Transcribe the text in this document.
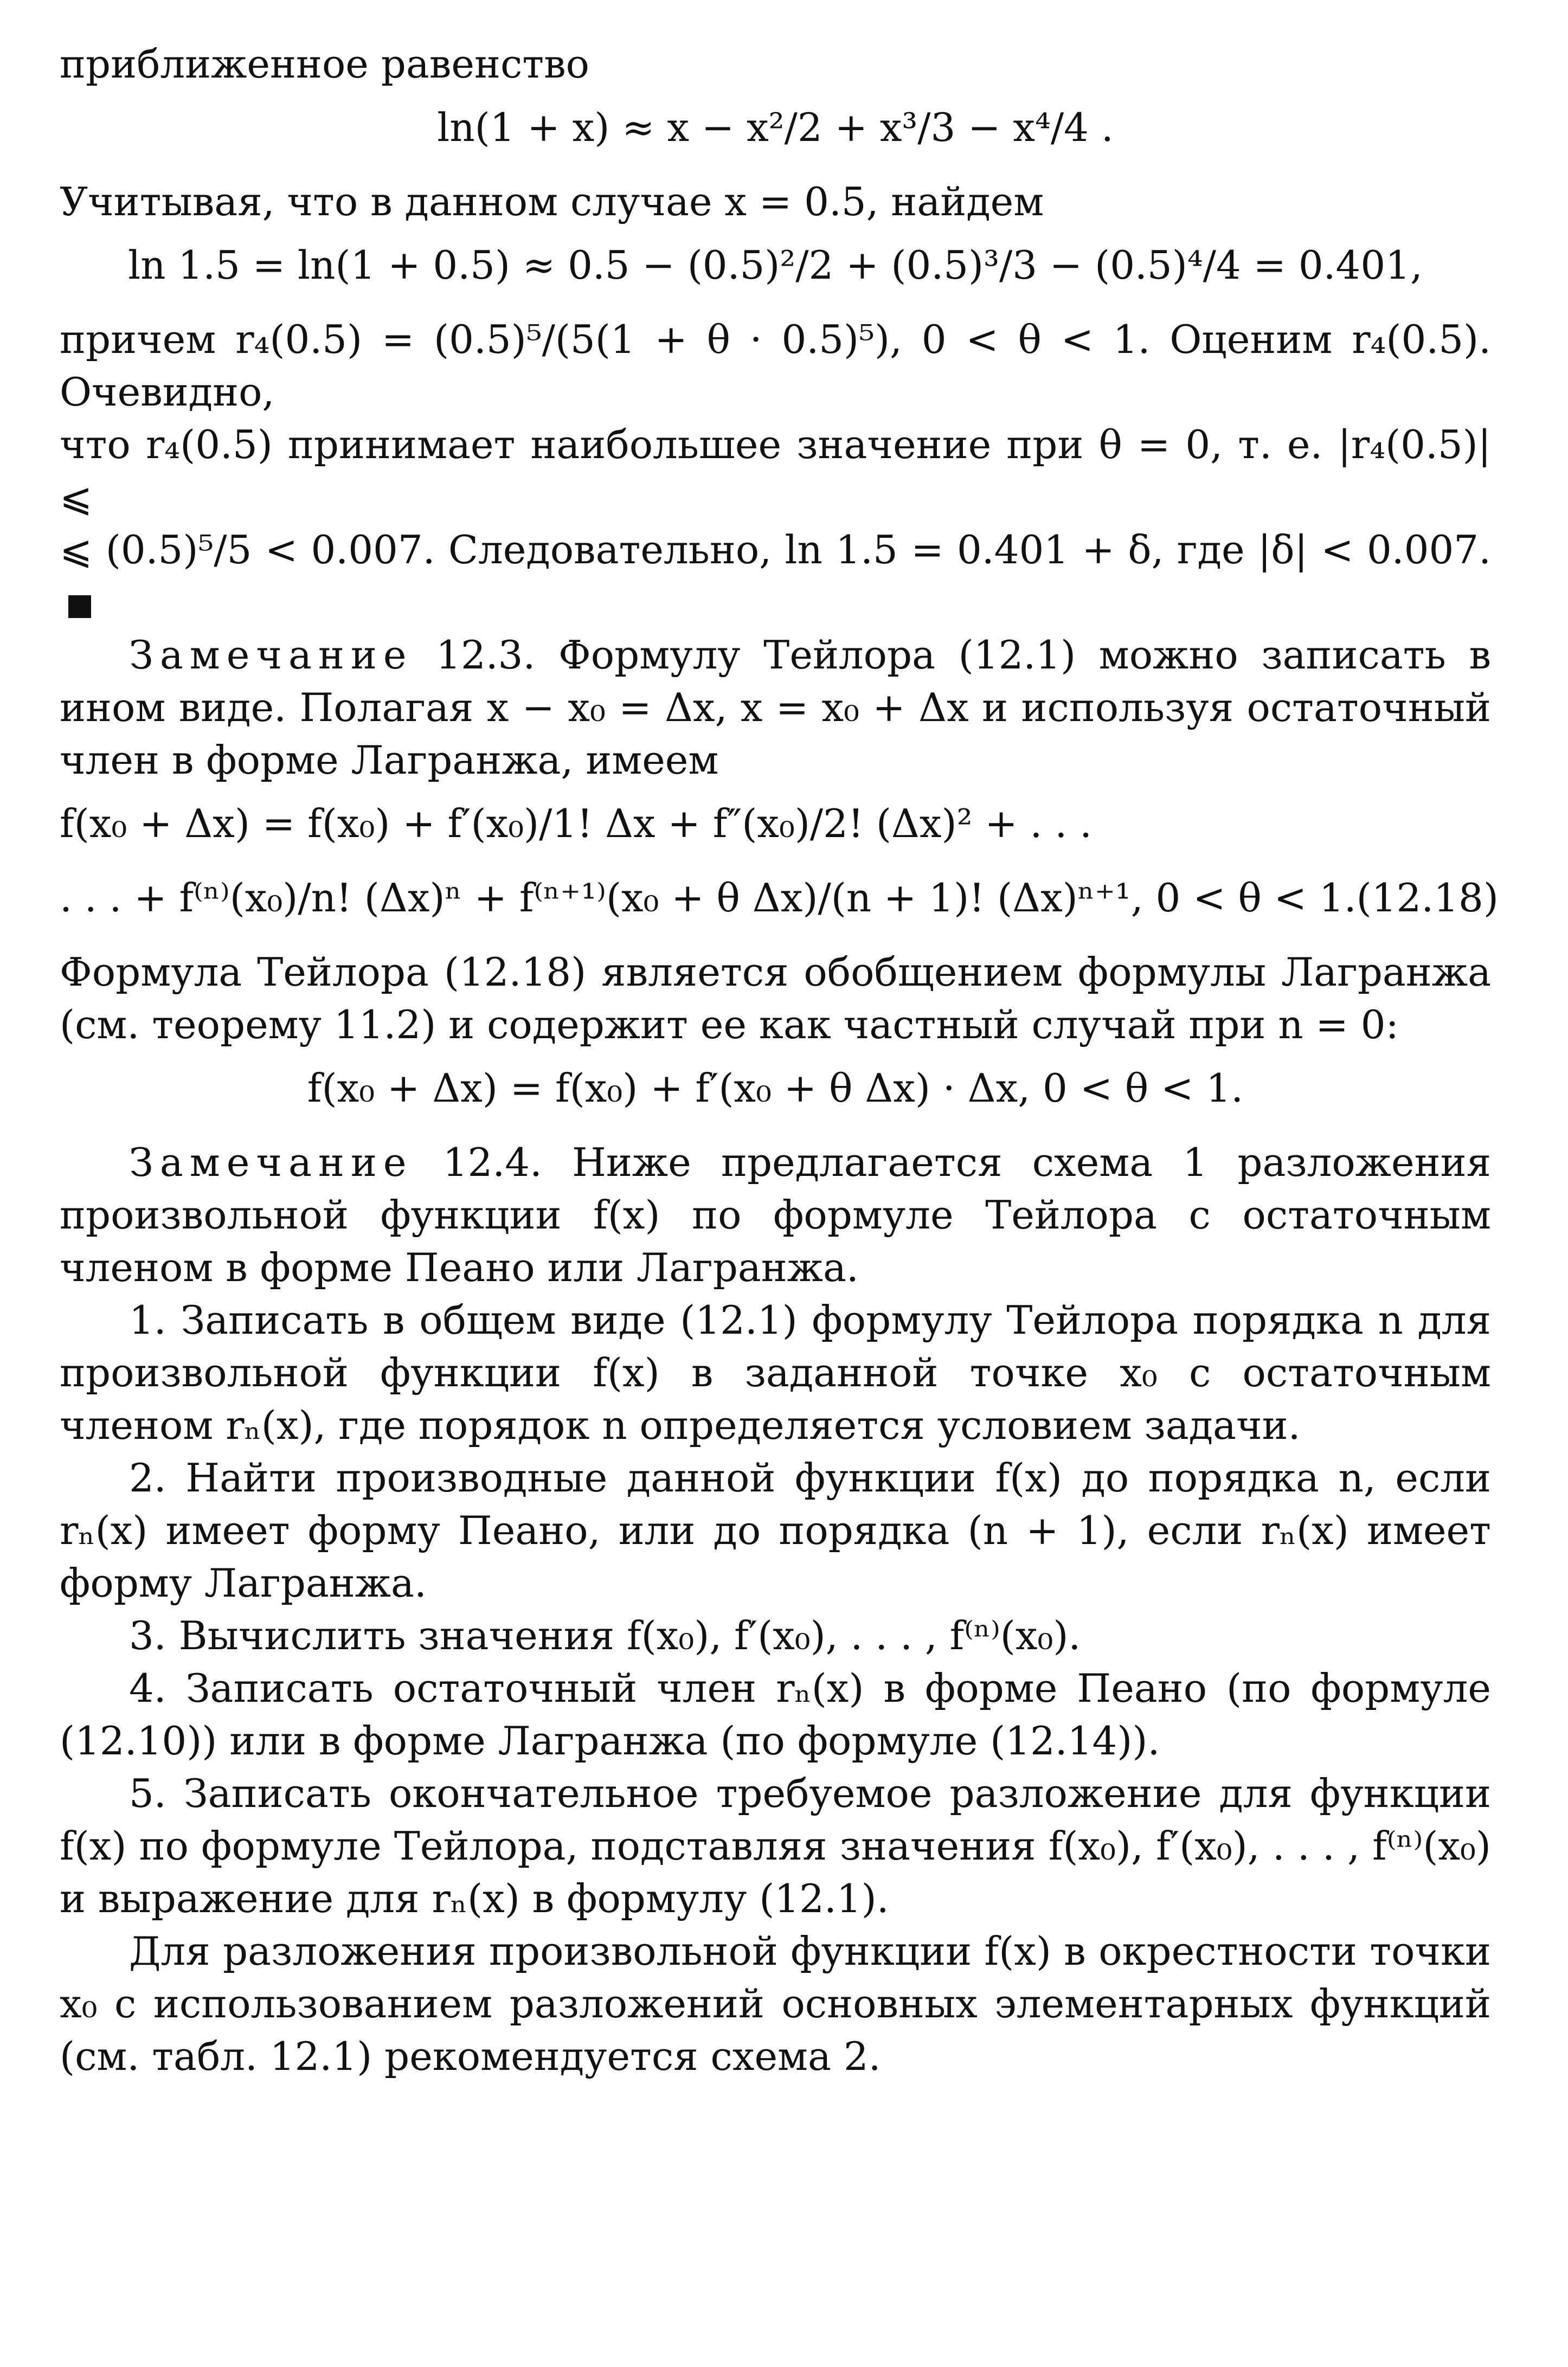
приближенное равенство

ln(1 + x) ≈ x − x²/2 + x³/3 − x⁴/4 .

Учитывая, что в данном случае x = 0.5, найдем

ln 1.5 = ln(1 + 0.5) ≈ 0.5 − (0.5)²/2 + (0.5)³/3 − (0.5)⁴/4 = 0.401,

причем r₄(0.5) = (0.5)⁵/(5(1 + θ · 0.5)⁵), 0 < θ < 1. Оценим r₄(0.5). Очевидно,

что r₄(0.5) принимает наибольшее значение при θ = 0, т. е. |r₄(0.5)| ⩽

⩽ (0.5)⁵/5 < 0.007. Следовательно, ln 1.5 = 0.401 + δ, где |δ| < 0.007.

Замечание 12.3. Формулу Тейлора (12.1) можно записать в ином виде. Полагая x − x₀ = Δx, x = x₀ + Δx и используя остаточный член в форме Лагранжа, имеем

f(x₀ + Δx) = f(x₀) + f′(x₀)/1! Δx + f″(x₀)/2! (Δx)² + . . .
. . . + f⁽ⁿ⁾(x₀)/n! (Δx)ⁿ + f⁽ⁿ⁺¹⁾(x₀ + θ Δx)/(n + 1)! (Δx)ⁿ⁺¹, 0 < θ < 1. (12.18)

Формула Тейлора (12.18) является обобщением формулы Лагранжа (см. теорему 11.2) и содержит ее как частный случай при n = 0:

f(x₀ + Δx) = f(x₀) + f′(x₀ + θ Δx) · Δx, 0 < θ < 1.

Замечание 12.4. Ниже предлагается схема 1 разложения произвольной функции f(x) по формуле Тейлора с остаточным членом в форме Пеано или Лагранжа.

1. Записать в общем виде (12.1) формулу Тейлора порядка n для произвольной функции f(x) в заданной точке x₀ с остаточным членом rₙ(x), где порядок n определяется условием задачи.

2. Найти производные данной функции f(x) до порядка n, если rₙ(x) имеет форму Пеано, или до порядка (n + 1), если rₙ(x) имеет форму Лагранжа.

3. Вычислить значения f(x₀), f′(x₀), . . . , f⁽ⁿ⁾(x₀).

4. Записать остаточный член rₙ(x) в форме Пеано (по формуле (12.10)) или в форме Лагранжа (по формуле (12.14)).

5. Записать окончательное требуемое разложение для функции f(x) по формуле Тейлора, подставляя значения f(x₀), f′(x₀), . . . , f⁽ⁿ⁾(x₀) и выражение для rₙ(x) в формулу (12.1).

Для разложения произвольной функции f(x) в окрестности точки x₀ с использованием разложений основных элементарных функций (см. табл. 12.1) рекомендуется схема 2.
